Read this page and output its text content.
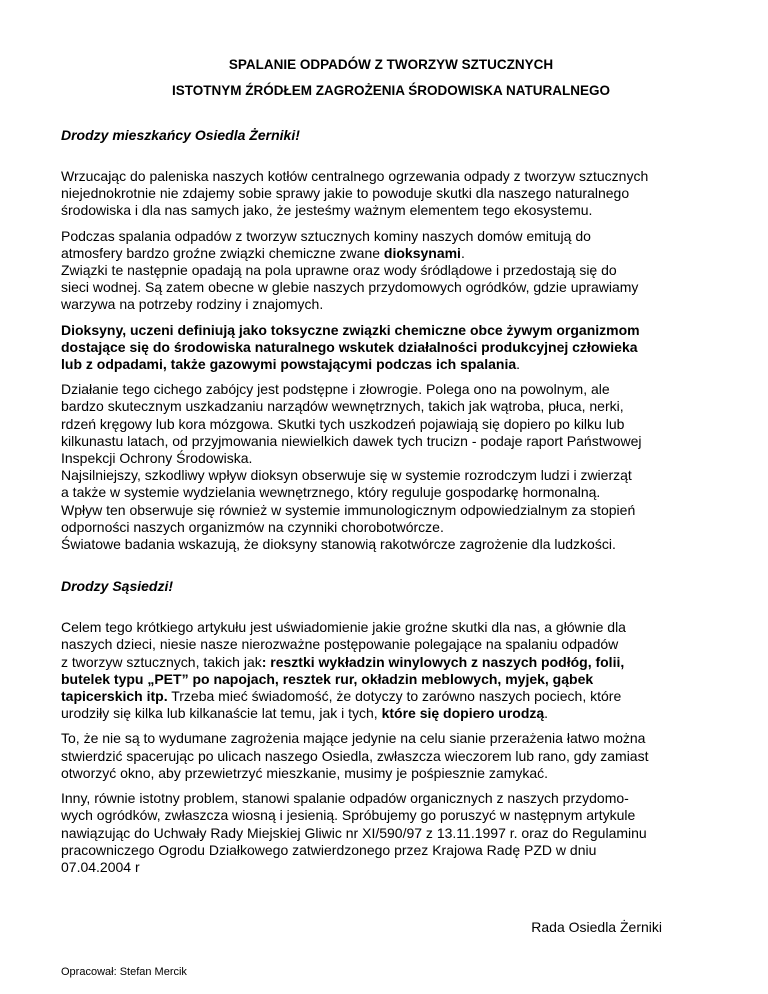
SPALANIE ODPADÓW Z TWORZYW SZTUCZNYCH
ISTOTNYM ŹRÓDŁEM ZAGROŻENIA ŚRODOWISKA NATURALNEGO
Drodzy mieszkańcy Osiedla Żerniki!

Wrzucając do paleniska naszych kotłów centralnego ogrzewania odpady z tworzyw sztucznych
niejednokrotnie nie zdajemy sobie sprawy jakie to powoduje skutki dla naszego naturalnego
środowiska i dla nas samych jako, że jesteśmy ważnym elementem tego ekosystemu.

Podczas spalania odpadów z tworzyw sztucznych kominy naszych domów emitują do
atmosfery bardzo groźne związki chemiczne zwane dioksynami.
Związki te następnie opadają na pola uprawne oraz wody śródlądowe i przedostają się do
sieci wodnej. Są zatem obecne w glebie naszych przydomowych ogródków, gdzie uprawiamy
warzywa na potrzeby rodziny i znajomych.

Dioksyny, uczeni definiują jako toksyczne związki chemiczne obce żywym organizmom
dostające się do środowiska naturalnego wskutek działalności produkcyjnej człowieka
lub z odpadami, także gazowymi powstającymi podczas ich spalania.

Działanie tego cichego zabójcy jest podstępne i złowrogie. Polega ono na powolnym, ale
bardzo skutecznym uszkadzaniu narządów wewnętrznych, takich jak wątroba, płuca, nerki,
rdzeń kręgowy lub kora mózgowa. Skutki tych uszkodzeń pojawiają się dopiero po kilku lub
kilkunastu latach, od przyjmowania niewielkich dawek tych trucizn - podaje raport Państwowej
Inspekcji Ochrony Środowiska.
Najsilniejszy, szkodliwy wpływ dioksyn obserwuje się w systemie rozrodczym ludzi i zwierząt
a także w systemie wydzielania wewnętrznego, który reguluje gospodarkę hormonalną.
Wpływ ten obserwuje się również w systemie immunologicznym odpowiedzialnym za stopień
odporności naszych organizmów na czynniki chorobotwórcze.
Światowe badania wskazują, że dioksyny stanowią rakotwórcze zagrożenie dla ludzkości.

Drodzy Sąsiedzi!

Celem tego krótkiego artykułu jest uświadomienie jakie groźne skutki dla nas, a głównie dla
naszych dzieci, niesie nasze nierozważne postępowanie polegające na spalaniu odpadów
z tworzyw sztucznych, takich jak: resztki wykładzin winylowych z naszych podłóg, folii,
butelek typu „PET” po napojach, resztek rur, okładzin meblowych, myjek, gąbek
tapicerskich itp. Trzeba mieć świadomość, że dotyczy to zarówno naszych pociech, które
urodziły się kilka lub kilkanaście lat temu, jak i tych, które się dopiero urodzą.

To, że nie są to wydumane zagrożenia mające jedynie na celu sianie przerażenia łatwo można
stwierdzić spacerując po ulicach naszego Osiedla, zwłaszcza wieczorem lub rano, gdy zamiast
otworzyć okno, aby przewietrzyć mieszkanie, musimy je pośpiesznie zamykać.

Inny, równie istotny problem, stanowi spalanie odpadów organicznych z naszych przydomo-
wych ogródków, zwłaszcza wiosną i jesienią. Spróbujemy go poruszyć w następnym artykule
nawiązując do Uchwały Rady Miejskiej Gliwic nr XI/590/97 z 13.11.1997 r. oraz do Regulaminu
pracowniczego Ogrodu Działkowego zatwierdzonego przez Krajowa Radę PZD w dniu
07.04.2004 r

Rada Osiedla Żerniki
Opracował: Stefan Mercik
